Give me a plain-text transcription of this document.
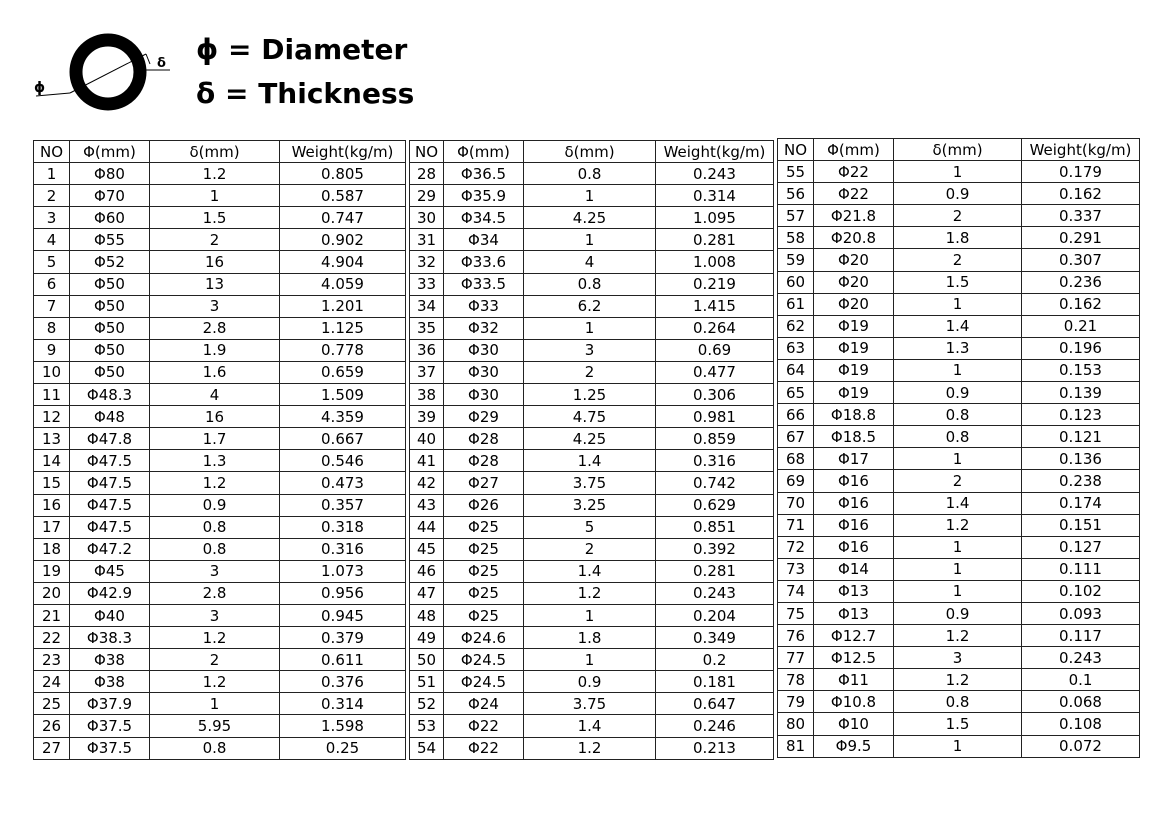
ϕ
δ ϕ = Diameter
δ = Thickness
NO	Φ(mm)	δ(mm)	Weight(kg/m)
1	Φ80	1.2	0.805
2	Φ70	1	0.587
3	Φ60	1.5	0.747
4	Φ55	2	0.902
5	Φ52	16	4.904
6	Φ50	13	4.059
7	Φ50	3	1.201
8	Φ50	2.8	1.125
9	Φ50	1.9	0.778
10	Φ50	1.6	0.659
11	Φ48.3	4	1.509
12	Φ48	16	4.359
13	Φ47.8	1.7	0.667
14	Φ47.5	1.3	0.546
15	Φ47.5	1.2	0.473
16	Φ47.5	0.9	0.357
17	Φ47.5	0.8	0.318
18	Φ47.2	0.8	0.316
19	Φ45	3	1.073
20	Φ42.9	2.8	0.956
21	Φ40	3	0.945
22	Φ38.3	1.2	0.379
23	Φ38	2	0.611
24	Φ38	1.2	0.376
25	Φ37.9	1	0.314
26	Φ37.5	5.95	1.598
27	Φ37.5	0.8	0.25
NO	Φ(mm)	δ(mm)	Weight(kg/m)
28	Φ36.5	0.8	0.243
29	Φ35.9	1	0.314
30	Φ34.5	4.25	1.095
31	Φ34	1	0.281
32	Φ33.6	4	1.008
33	Φ33.5	0.8	0.219
34	Φ33	6.2	1.415
35	Φ32	1	0.264
36	Φ30	3	0.69
37	Φ30	2	0.477
38	Φ30	1.25	0.306
39	Φ29	4.75	0.981
40	Φ28	4.25	0.859
41	Φ28	1.4	0.316
42	Φ27	3.75	0.742
43	Φ26	3.25	0.629
44	Φ25	5	0.851
45	Φ25	2	0.392
46	Φ25	1.4	0.281
47	Φ25	1.2	0.243
48	Φ25	1	0.204
49	Φ24.6	1.8	0.349
50	Φ24.5	1	0.2
51	Φ24.5	0.9	0.181
52	Φ24	3.75	0.647
53	Φ22	1.4	0.246
54	Φ22	1.2	0.213
NO	Φ(mm)	δ(mm)	Weight(kg/m)
55	Φ22	1	0.179
56	Φ22	0.9	0.162
57	Φ21.8	2	0.337
58	Φ20.8	1.8	0.291
59	Φ20	2	0.307
60	Φ20	1.5	0.236
61	Φ20	1	0.162
62	Φ19	1.4	0.21
63	Φ19	1.3	0.196
64	Φ19	1	0.153
65	Φ19	0.9	0.139
66	Φ18.8	0.8	0.123
67	Φ18.5	0.8	0.121
68	Φ17	1	0.136
69	Φ16	2	0.238
70	Φ16	1.4	0.174
71	Φ16	1.2	0.151
72	Φ16	1	0.127
73	Φ14	1	0.111
74	Φ13	1	0.102
75	Φ13	0.9	0.093
76	Φ12.7	1.2	0.117
77	Φ12.5	3	0.243
78	Φ11	1.2	0.1
79	Φ10.8	0.8	0.068
80	Φ10	1.5	0.108
81	Φ9.5	1	0.072
